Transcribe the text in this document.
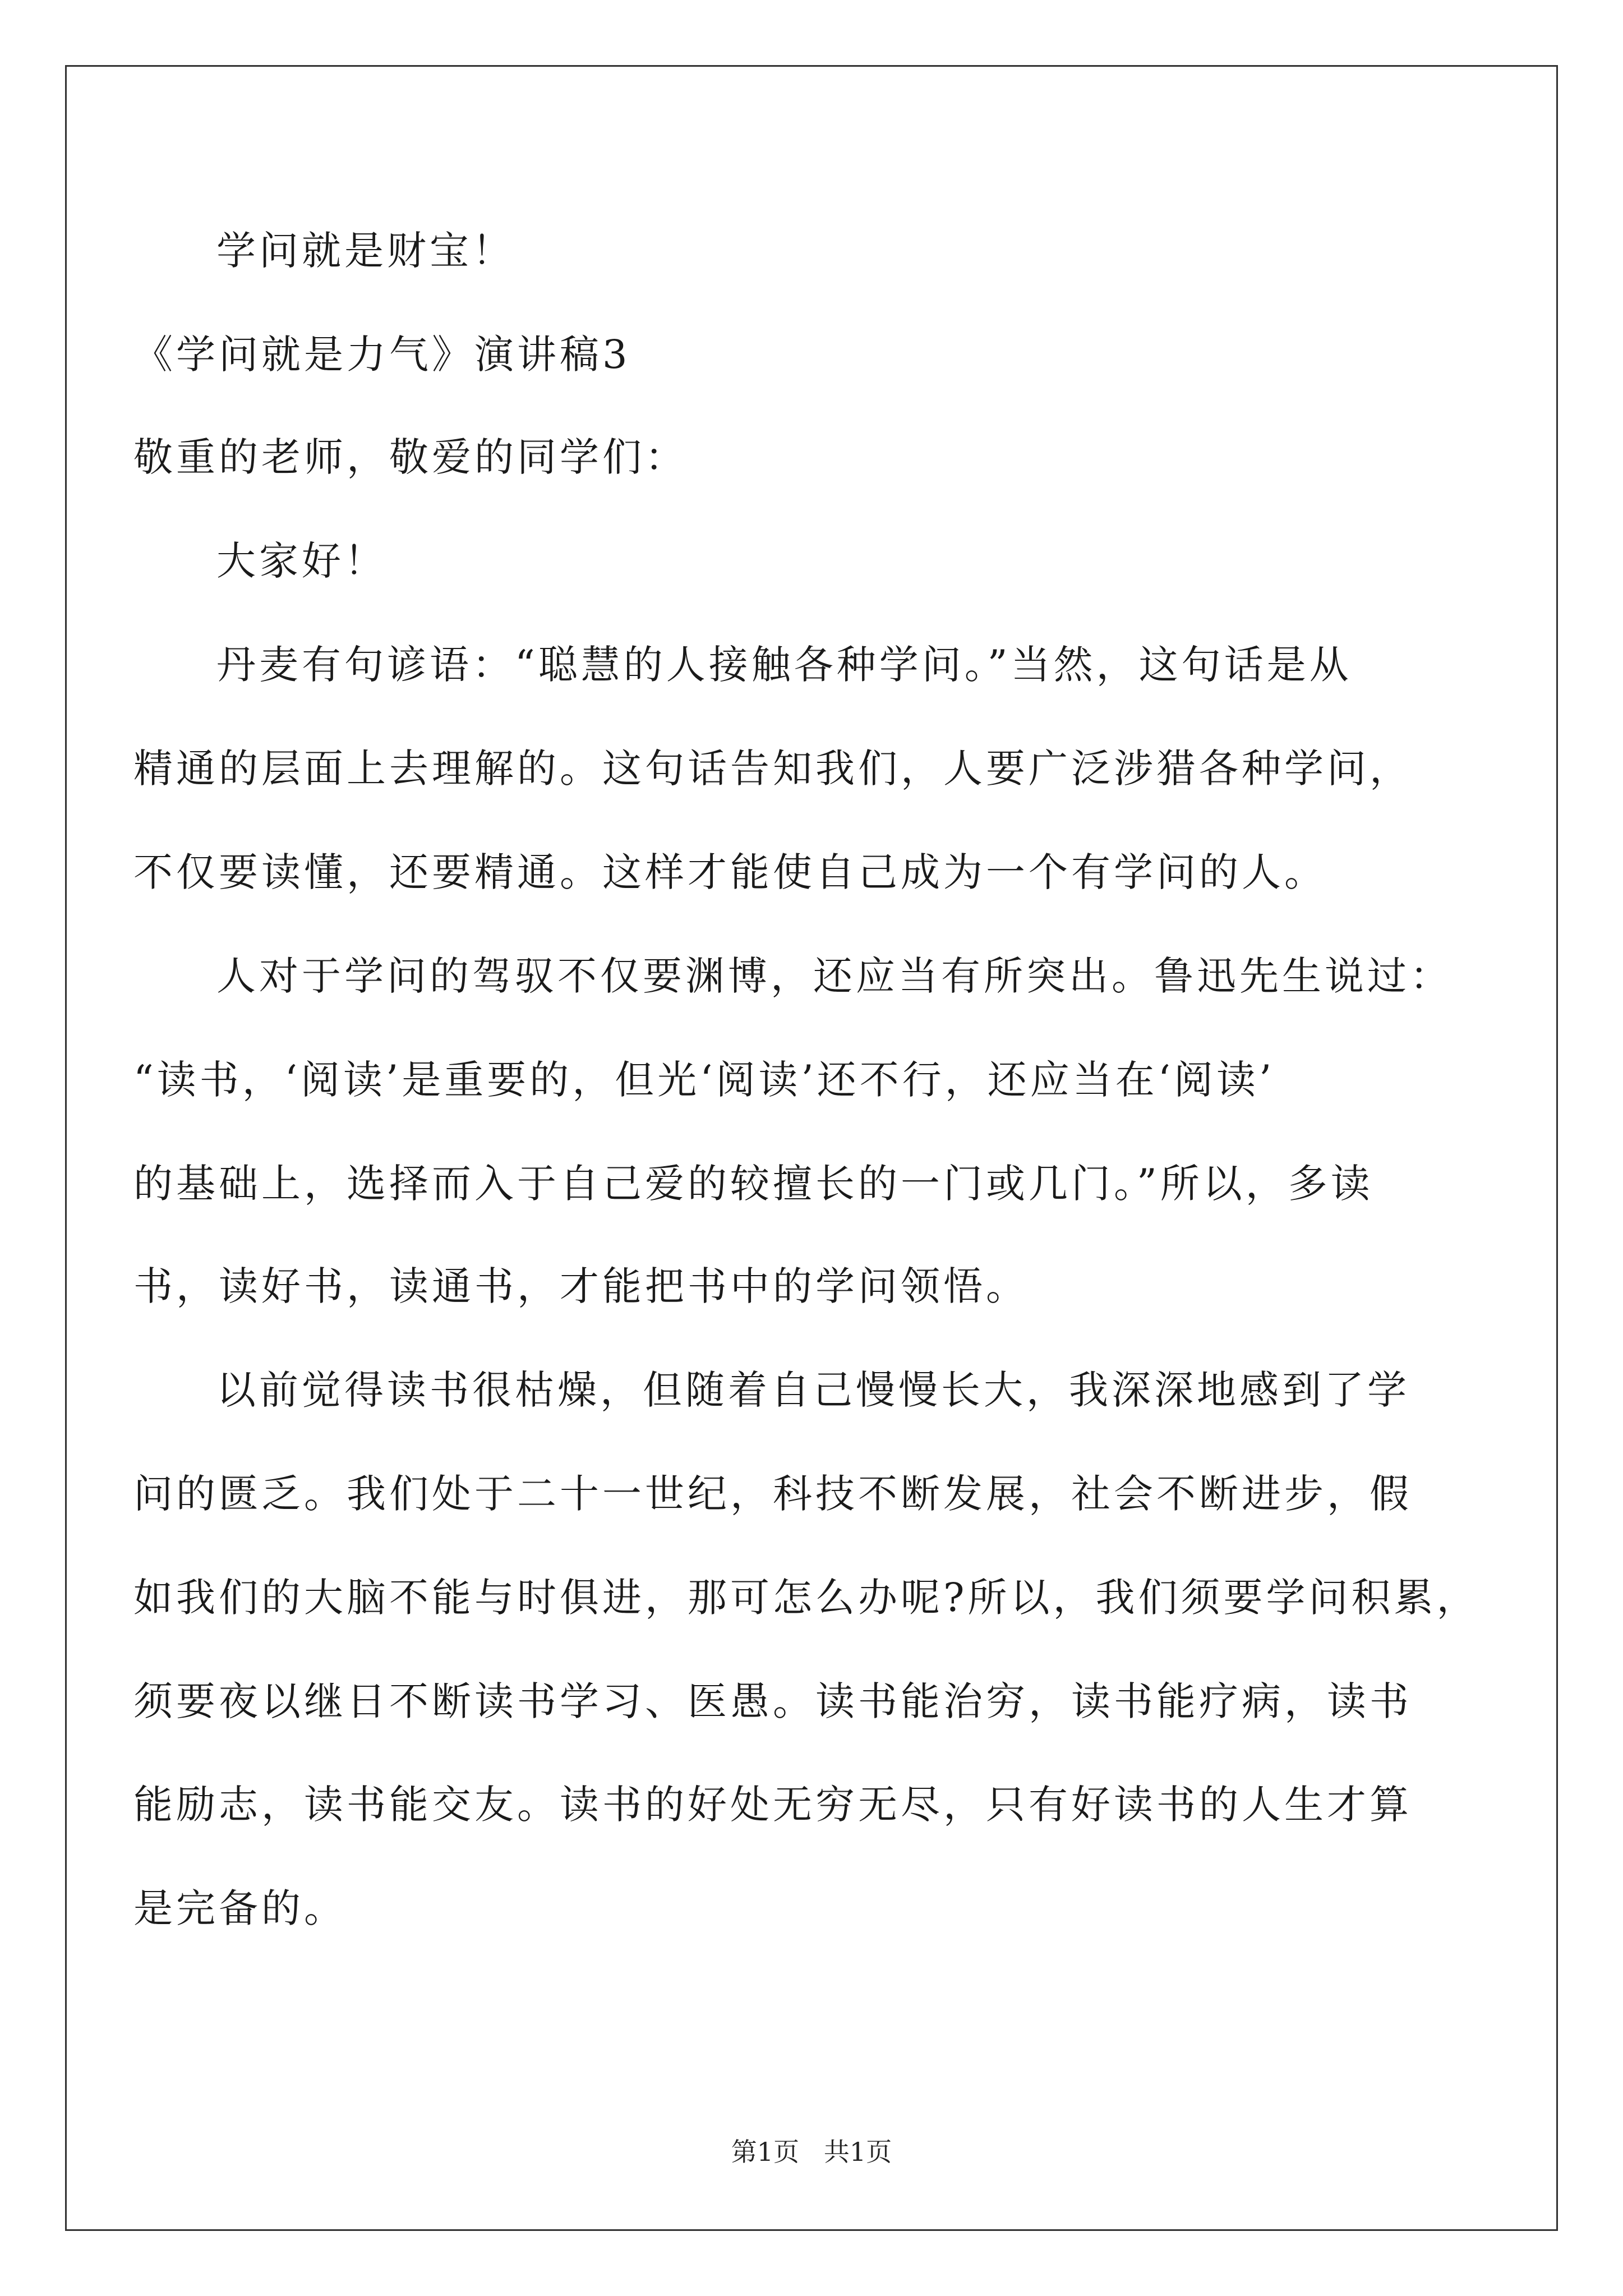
学问就是财宝！
《学问就是力气》演讲稿3
敬重的老师，敬爱的同学们：
大家好！
丹麦有句谚语：“聪慧的人接触各种学问。”当然，这句话是从
精通的层面上去理解的。这句话告知我们，人要广泛涉猎各种学问，
不仅要读懂，还要精通。这样才能使自己成为一个有学问的人。
人对于学问的驾驭不仅要渊博，还应当有所突出。鲁迅先生说过：
“读书，‘阅读’是重要的，但光‘阅读’还不行，还应当在‘阅读’
的基础上，选择而入于自己爱的较擅长的一门或几门。”所以，多读
书，读好书，读通书，才能把书中的学问领悟。
以前觉得读书很枯燥，但随着自己慢慢长大，我深深地感到了学
问的匮乏。我们处于二十一世纪，科技不断发展，社会不断进步，假
如我们的大脑不能与时俱进，那可怎么办呢?所以，我们须要学问积累，
须要夜以继日不断读书学习、医愚。读书能治穷，读书能疗病，读书
能励志，读书能交友。读书的好处无穷无尽，只有好读书的人生才算
是完备的。
第1页   共1页
